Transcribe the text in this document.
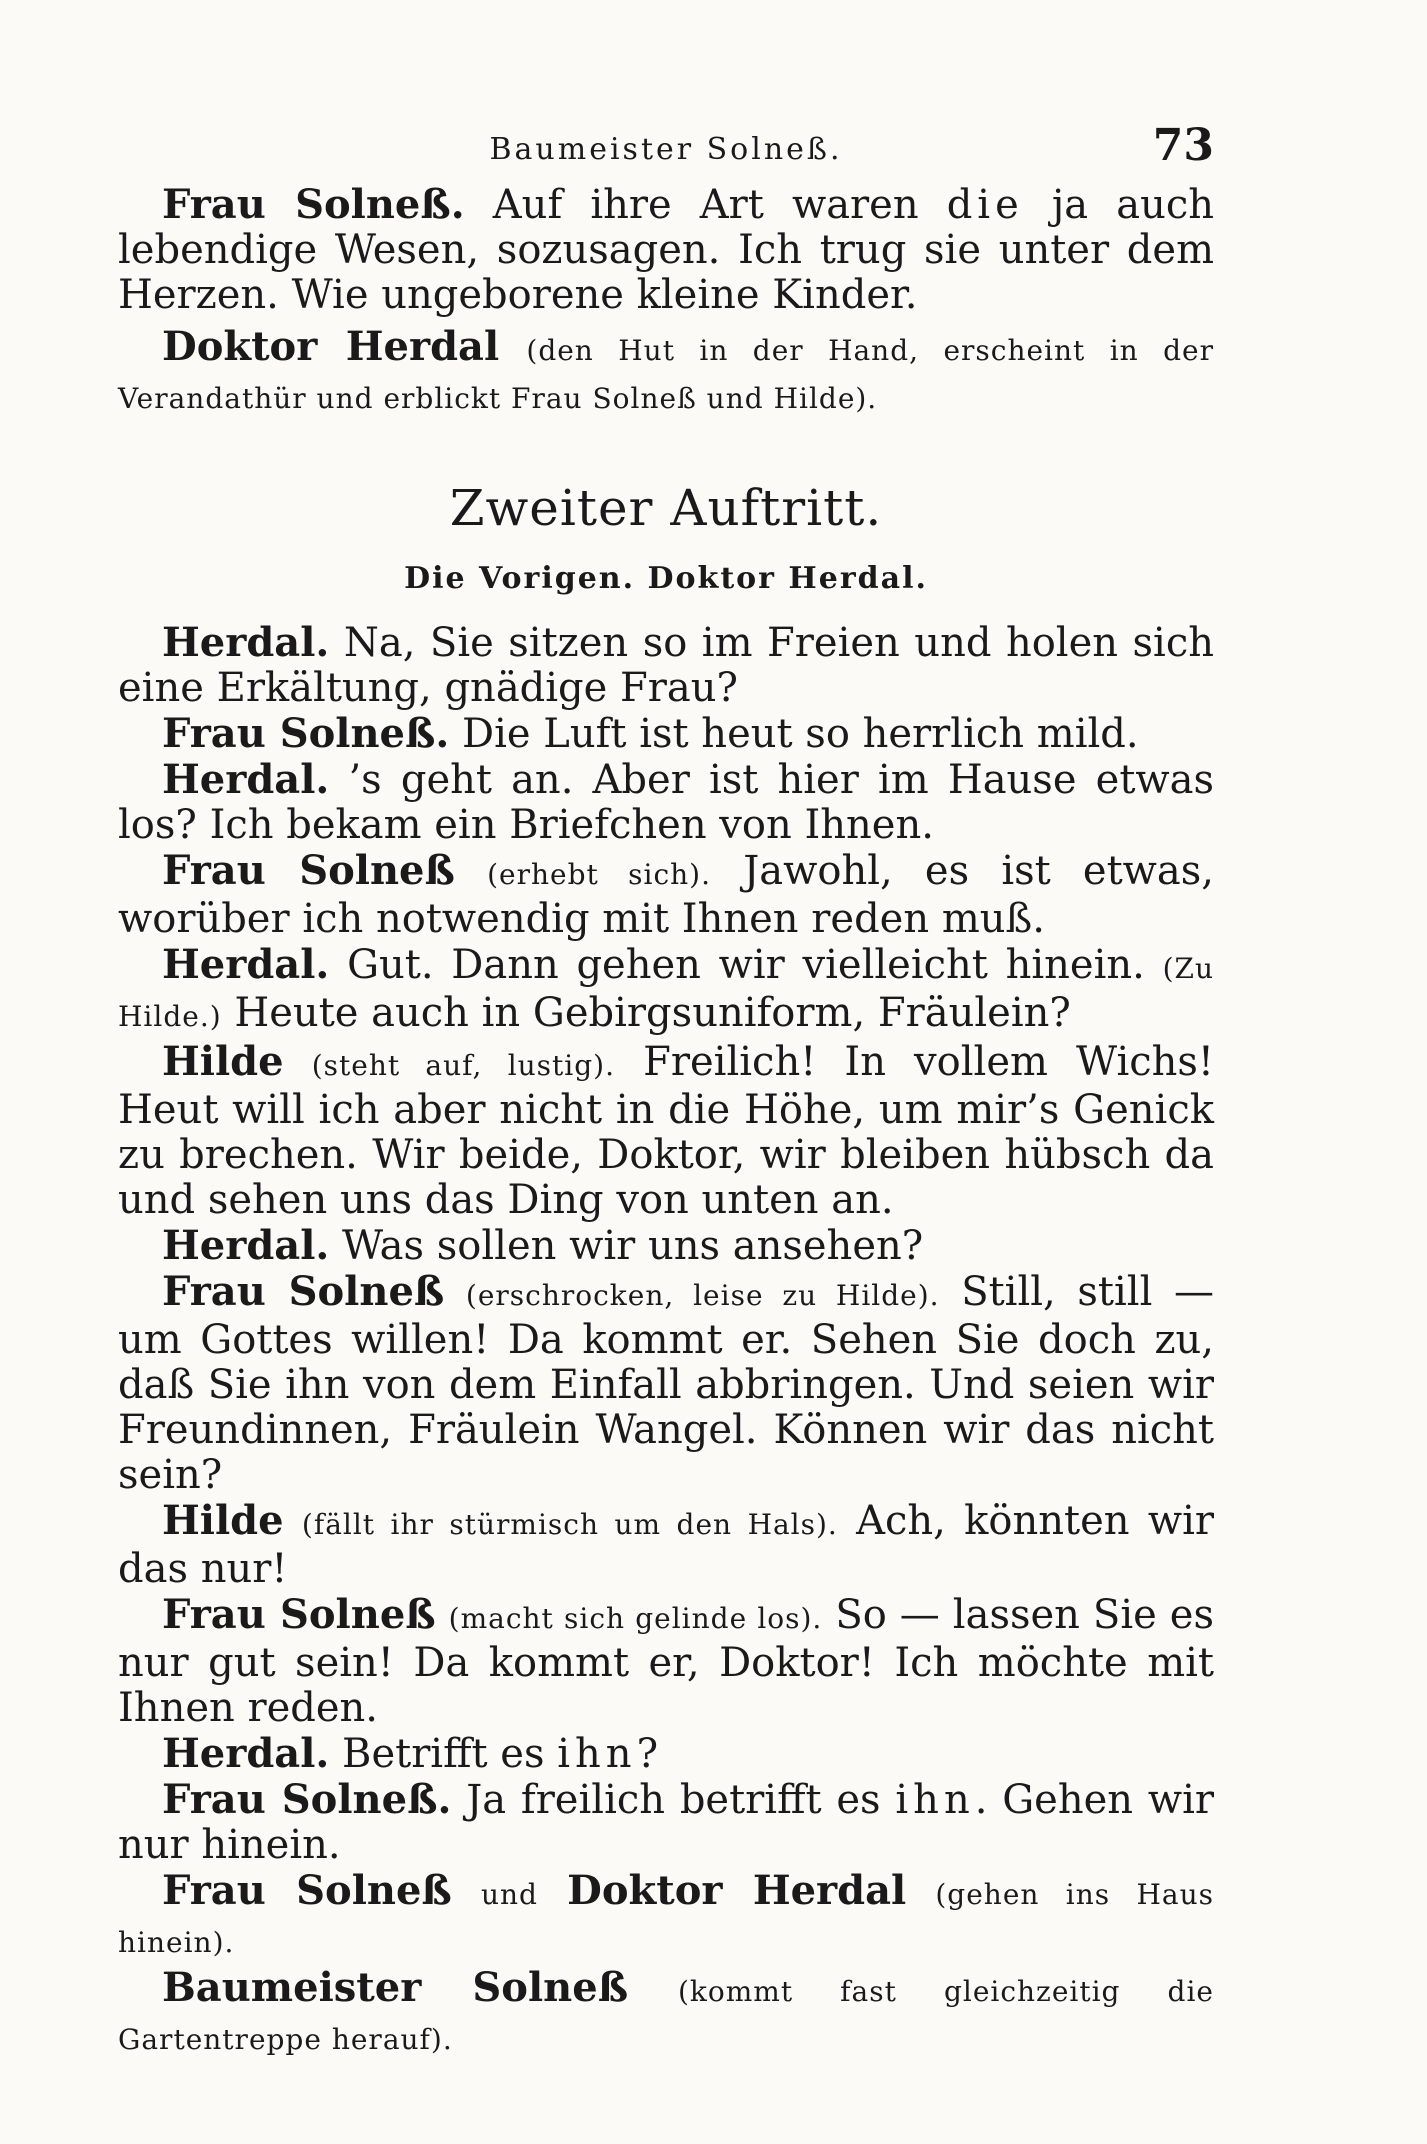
Baumeister Solneß.	73

Frau Solneß. Auf ihre Art waren die ja auch lebendige Wesen, sozusagen. Ich trug sie unter dem Herzen. Wie ungeborene kleine Kinder.

Doktor Herdal (den Hut in der Hand, erscheint in der Verandathür und erblickt Frau Solneß und Hilde).

Zweiter Auftritt.
Die Vorigen. Doktor Herdal.

Herdal. Na, Sie sitzen so im Freien und holen sich eine Erkältung, gnädige Frau?

Frau Solneß. Die Luft ist heut so herrlich mild.

Herdal. ’s geht an. Aber ist hier im Hause etwas los? Ich bekam ein Briefchen von Ihnen.

Frau Solneß (erhebt sich). Jawohl, es ist etwas, worüber ich notwendig mit Ihnen reden muß.

Herdal. Gut. Dann gehen wir vielleicht hinein. (Zu Hilde.) Heute auch in Gebirgsuniform, Fräulein?

Hilde (steht auf, lustig). Freilich! In vollem Wichs! Heut will ich aber nicht in die Höhe, um mir’s Genick zu brechen. Wir beide, Doktor, wir bleiben hübsch da und sehen uns das Ding von unten an.

Herdal. Was sollen wir uns ansehen?

Frau Solneß (erschrocken, leise zu Hilde). Still, still — um Gottes willen! Da kommt er. Sehen Sie doch zu, daß Sie ihn von dem Einfall abbringen. Und seien wir Freundinnen, Fräulein Wangel. Können wir das nicht sein?

Hilde (fällt ihr stürmisch um den Hals). Ach, könnten wir das nur!

Frau Solneß (macht sich gelinde los). So — lassen Sie es nur gut sein! Da kommt er, Doktor! Ich möchte mit Ihnen reden.

Herdal. Betrifft es ihn?

Frau Solneß. Ja freilich betrifft es ihn. Gehen wir nur hinein.

Frau Solneß und Doktor Herdal (gehen ins Haus hinein).

Baumeister Solneß (kommt fast gleichzeitig die Gartentreppe herauf).
